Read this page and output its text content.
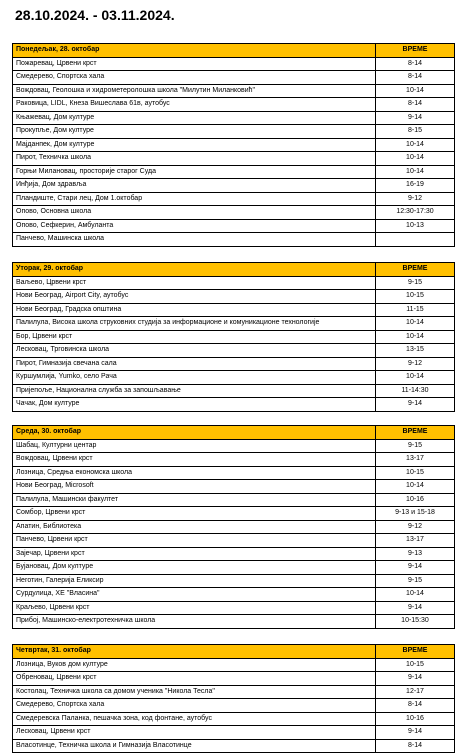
28.10.2024. - 03.11.2024.
Понедељак, 28. октобар	ВРЕМЕ
Пожаревац, Црвени крст	8-14
Смедерево, Спортска хала	8-14
Вождовац, Геолошка и хидрометеролошка школа "Милутин Миланковић"	10-14
Раковица, LIDL, Кнеза Вишеслава 61в, аутобус	8-14
Књажевац, Дом културе	9-14
Прокупље, Дом културе	8-15
Мајданпек, Дом културе	10-14
Пирот, Техничка школа	10-14
Горњи Милановац, просторије старог Суда	10-14
Инђија, Дом здравља	16-19
Пландиште, Стари лец, Дом 1.октобар	9-12
Опово, Основна школа	12:30-17:30
Опово, Сефкерин, Амбуланта	10-13
Панчево, Машинска школа	
Уторак, 29. октобар	ВРЕМЕ
Ваљево, Црвени крст	9-15
Нови Београд, Airport City, аутобус	10-15
Нови Београд, Градска општина	11-15
Палилула, Висока школа струковних студија за информационе и комуникационе технологије	10-14
Бор, Црвени крст	10-14
Лесковац, Трговинска школа	13-15
Пирот, Гимназија свечана сала	9-12
Куршумлија, Yumko, село Рача	10-14
Пријепоље, Национална служба за запошљавање	11-14:30
Чачак, Дом културе	9-14
Среда, 30. октобар	ВРЕМЕ
Шабац, Културни центар	9-15
Вождовац, Црвени крст	13-17
Лозница, Средња економска школа	10-15
Нови Београд, Microsoft	10-14
Палилула, Машински факултет	10-16
Сомбор, Црвени крст	9-13 и 15-18
Апатин, Библиотека	9-12
Панчево, Црвени крст	13-17
Зајечар, Црвени крст	9-13
Бујановац, Дом културе	9-14
Неготин, Галерија Еликсир	9-15
Сурдулица, ХЕ "Власина"	10-14
Краљево, Црвени крст	9-14
Прибој, Машинско-електротехничка школа	10-15:30
Четвртак, 31. октобар	ВРЕМЕ
Лозница, Вуков дом културе	10-15
Обреновац, Црвени крст	9-14
Костолац, Техничка школа са домом ученика "Никола Тесла"	12-17
Смедерево, Спортска хала	8-14
Смедеревска Паланка, пешачка зона, код фонтане, аутобус	10-16
Лесковац, Црвени крст	9-14
Власотинце, Техничка школа и Гимназија Власотинце	8-14
